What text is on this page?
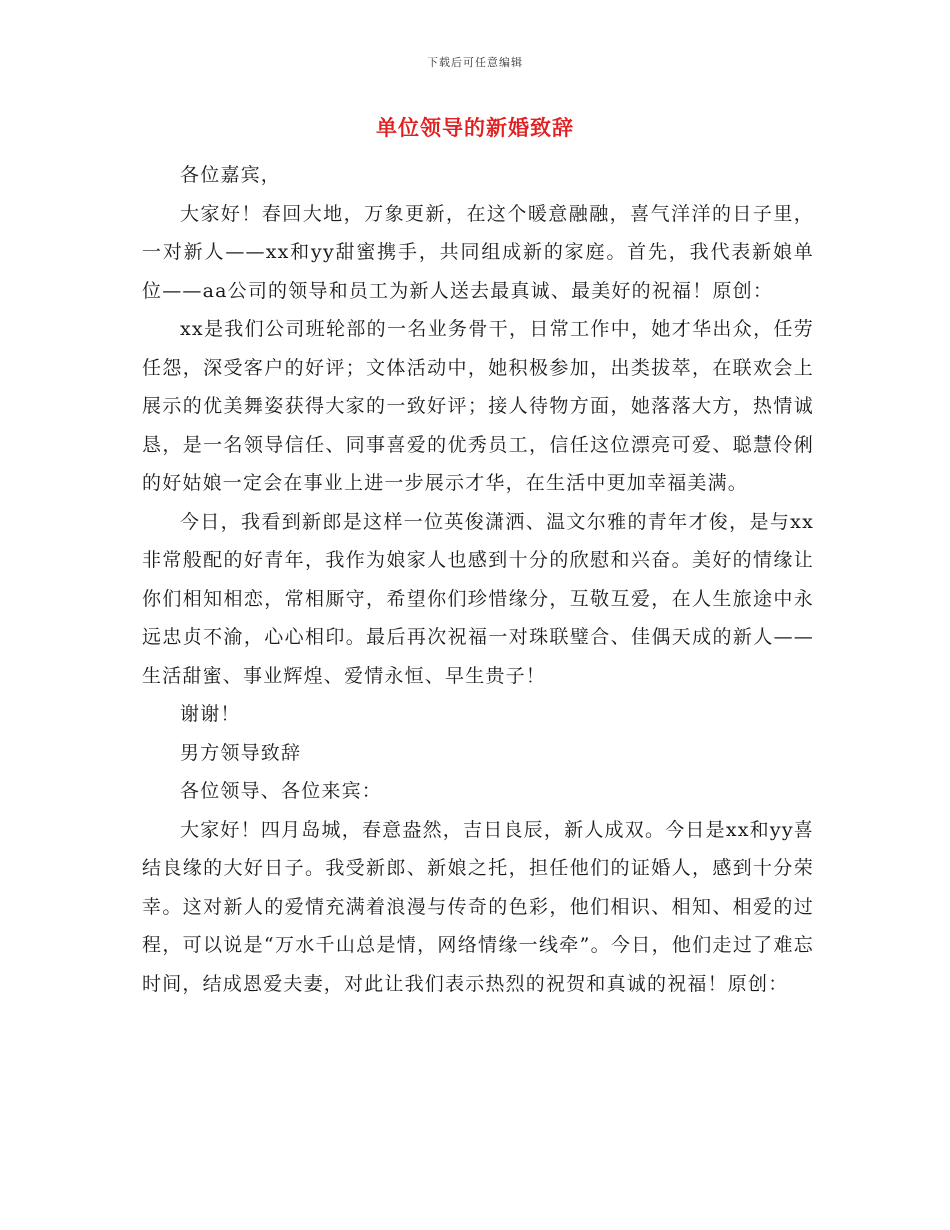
下载后可任意编辑
单位领导的新婚致辞

各位嘉宾，

大家好！春回大地，万象更新，在这个暖意融融，喜气洋洋的日子里，一对新人——xx和yy甜蜜携手，共同组成新的家庭。首先，我代表新娘单位——aa公司的领导和员工为新人送去最真诚、最美好的祝福！原创：

xx是我们公司班轮部的一名业务骨干，日常工作中，她才华出众，任劳任怨，深受客户的好评；文体活动中，她积极参加，出类拔萃，在联欢会上展示的优美舞姿获得大家的一致好评；接人待物方面，她落落大方，热情诚恳，是一名领导信任、同事喜爱的优秀员工，信任这位漂亮可爱、聪慧伶俐的好姑娘一定会在事业上进一步展示才华，在生活中更加幸福美满。

今日，我看到新郎是这样一位英俊潇洒、温文尔雅的青年才俊，是与xx非常般配的好青年，我作为娘家人也感到十分的欣慰和兴奋。美好的情缘让你们相知相恋，常相厮守，希望你们珍惜缘分，互敬互爱，在人生旅途中永远忠贞不渝，心心相印。最后再次祝福一对珠联璧合、佳偶天成的新人——生活甜蜜、事业辉煌、爱情永恒、早生贵子！

谢谢！

男方领导致辞

各位领导、各位来宾：

大家好！四月岛城，春意盎然，吉日良辰，新人成双。今日是xx和yy喜结良缘的大好日子。我受新郎、新娘之托，担任他们的证婚人，感到十分荣幸。这对新人的爱情充满着浪漫与传奇的色彩，他们相识、相知、相爱的过程，可以说是“万水千山总是情，网络情缘一线牵”。今日，他们走过了难忘时间，结成恩爱夫妻，对此让我们表示热烈的祝贺和真诚的祝福！原创：
